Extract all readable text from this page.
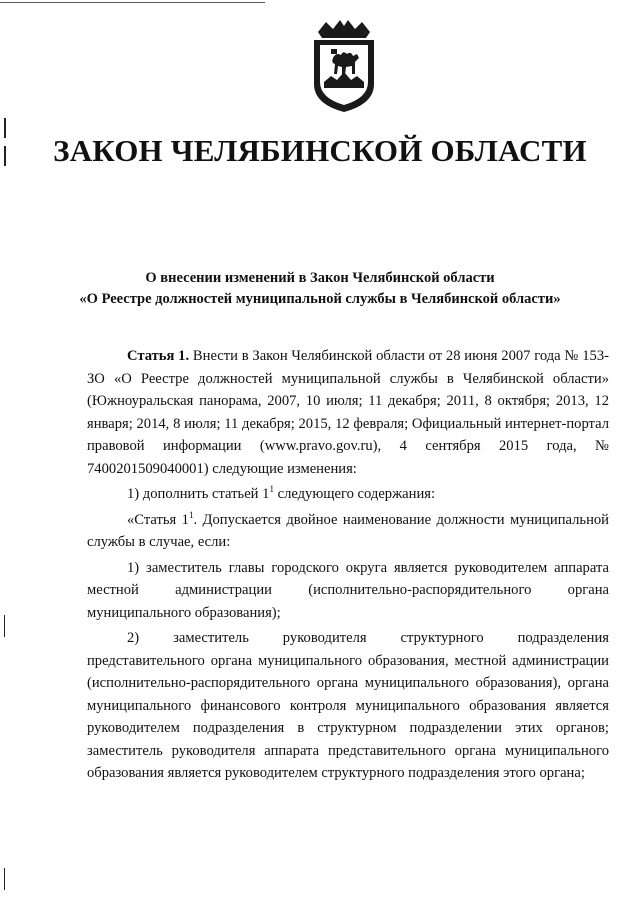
ЗАКОН ЧЕЛЯБИНСКОЙ ОБЛАСТИ
О внесении изменений в Закон Челябинской области
«О Реестре должностей муниципальной службы в Челябинской области»

Статья 1. Внести в Закон Челябинской области от 28 июня 2007 года № 153-ЗО «О Реестре должностей муниципальной службы в Челябинской области» (Южноуральская панорама, 2007, 10 июля; 11 декабря; 2011, 8 октября; 2013, 12 января; 2014, 8 июля; 11 декабря; 2015, 12 февраля; Официальный интернет-портал правовой информации (www.pravo.gov.ru), 4 сентября 2015 года, № 7400201509040001) следующие изменения:

1) дополнить статьей $1^1$ следующего содержания:

«Статья $1^1$. Допускается двойное наименование должности муниципальной службы в случае, если:

1) заместитель главы городского округа является руководителем аппарата местной администрации (исполнительно-распорядительного органа муниципального образования);

2) заместитель руководителя структурного подразделения представительного органа муниципального образования, местной администрации (исполнительно-распорядительного органа муниципального образования), органа муниципального финансового контроля муниципального образования является руководителем подразделения в структурном подразделении этих органов; заместитель руководителя аппарата представительного органа муниципального образования является руководителем структурного подразделения этого органа;
